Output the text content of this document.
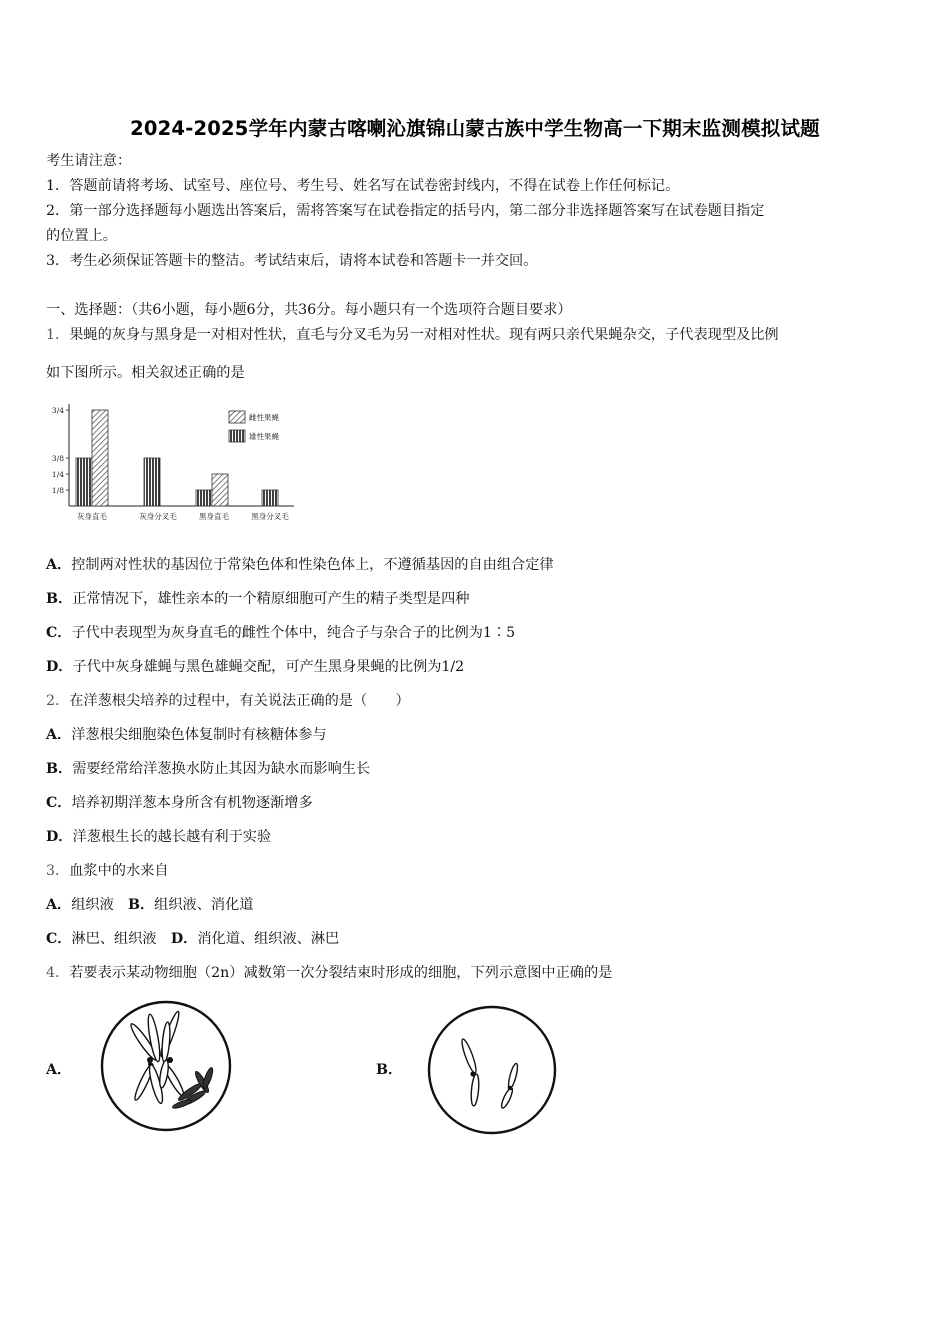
2024-2025学年内蒙古喀喇沁旗锦山蒙古族中学生物高一下期末监测模拟试题
考生请注意：
1．答题前请将考场、试室号、座位号、考生号、姓名写在试卷密封线内，不得在试卷上作任何标记。
2．第一部分选择题每小题选出答案后，需将答案写在试卷指定的括号内，第二部分非选择题答案写在试卷题目指定
的位置上。
3．考生必须保证答题卡的整洁。考试结束后，请将本试卷和答题卡一并交回。
一、选择题：（共6小题，每小题6分，共36分。每小题只有一个选项符合题目要求）
1．果蝇的灰身与黑身是一对相对性状，直毛与分叉毛为另一对相对性状。现有两只亲代果蝇杂交，子代表现型及比例
如下图所示。相关叙述正确的是
3/4
3/8
1/4
1/8
灰身直毛	灰身分叉毛	黑身直毛	黑身分叉毛
雌性果蝇
雄性果蝇
A．控制两对性状的基因位于常染色体和性染色体上，不遵循基因的自由组合定律
B．正常情况下，雄性亲本的一个精原细胞可产生的精子类型是四种
C．子代中表现型为灰身直毛的雌性个体中，纯合子与杂合子的比例为1∶5
D．子代中灰身雄蝇与黑色雄蝇交配，可产生黑身果蝇的比例为1/2
2．在洋葱根尖培养的过程中，有关说法正确的是（　　）
A．洋葱根尖细胞染色体复制时有核糖体参与
B．需要经常给洋葱换水防止其因为缺水而影响生长
C．培养初期洋葱本身所含有机物逐渐增多
D．洋葱根生长的越长越有利于实验
3．血浆中的水来自
A．组织液　 B．组织液、消化道
C．淋巴、组织液　 D．消化道、组织液、淋巴
4．若要表示某动物细胞（2n）减数第一次分裂结束时形成的细胞，下列示意图中正确的是
A．	B．
